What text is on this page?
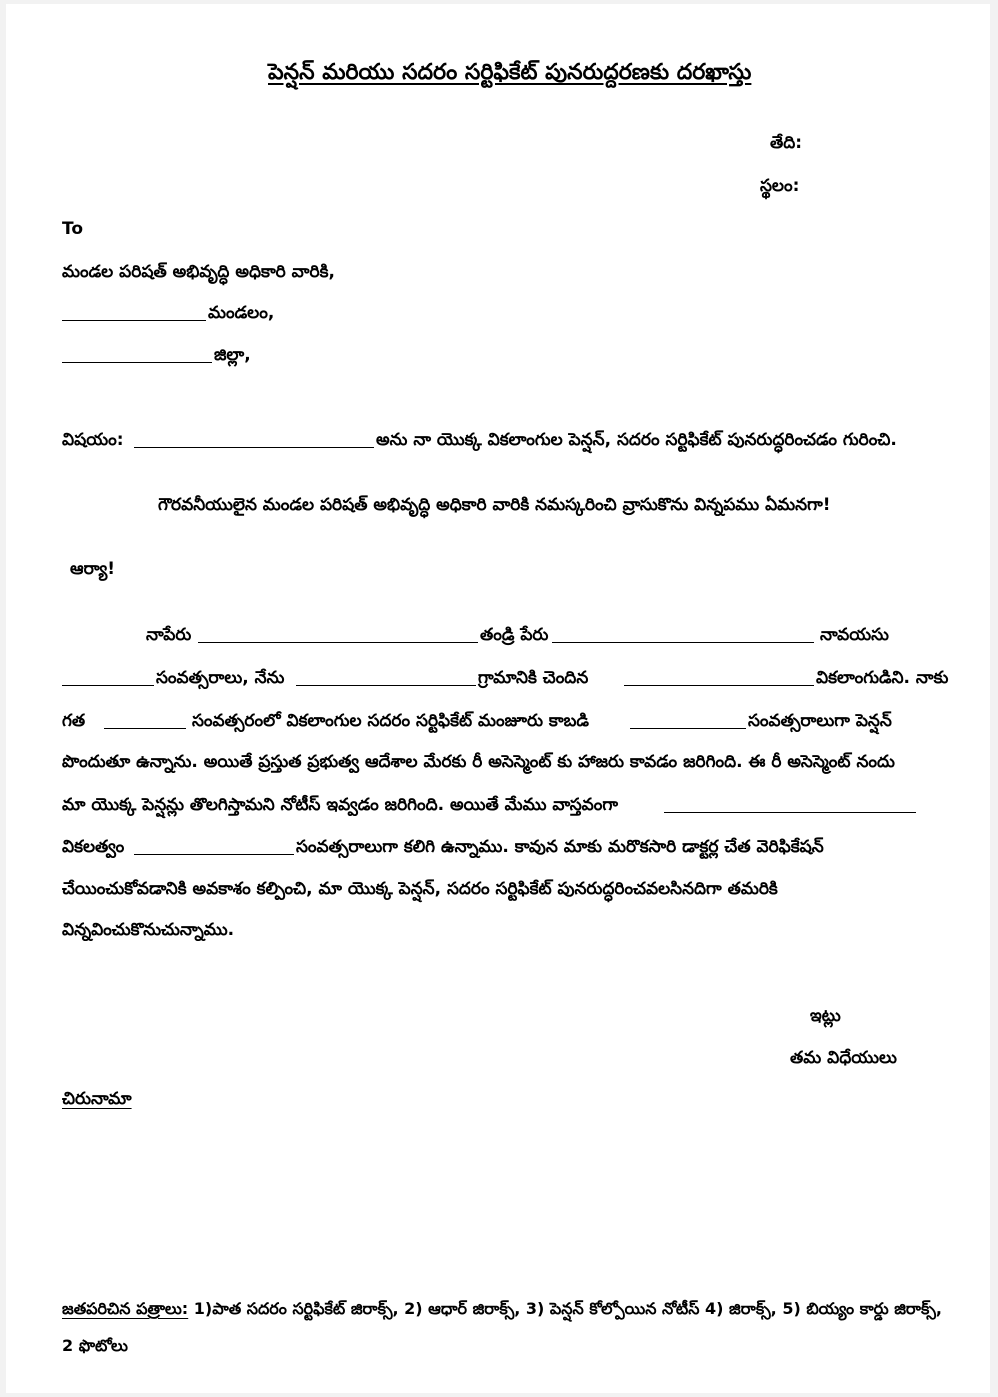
పెన్షన్ మరియు సదరం సర్టిఫికేట్ పునరుద్దరణకు దరఖాస్తు
తేది:
స్థలం:
To
మండల పరిషత్ అభివృద్ధి అధికారి వారికి,
మండలం,
జిల్లా,
విషయం:	అను నా యొక్క వికలాంగుల పెన్షన్, సదరం సర్టిఫికేట్ పునరుద్ధరించడం గురించి.
గౌరవనీయులైన మండల పరిషత్ అభివృద్ధి అధికారి వారికి నమస్కరించి వ్రాసుకొను విన్నపము ఏమనగా!
ఆర్యా!
నాపేరు	తండ్రి పేరు	నావయసు
సంవత్సరాలు, నేను	గ్రామానికి చెందిన	వికలాంగుడిని. నాకు
గత	సంవత్సరంలో వికలాంగుల సదరం సర్టిఫికేట్ మంజూరు కాబడి	సంవత్సరాలుగా పెన్షన్
పొందుతూ ఉన్నాను. అయితే ప్రస్తుత ప్రభుత్వ ఆదేశాల మేరకు రీ అసెస్మెంట్ కు హాజరు కావడం జరిగింది. ఈ రీ అసెస్మెంట్ నందు
మా యొక్క పెన్షన్లు తొలగిస్తామని నోటీస్ ఇవ్వడం జరిగింది. అయితే మేము వాస్తవంగా
వికలత్వం	సంవత్సరాలుగా కలిగి ఉన్నాము. కావున మాకు మరొకసారి డాక్టర్ల చేత వెరిఫికేషన్
చేయించుకోవడానికి అవకాశం కల్పించి, మా యొక్క పెన్షన్, సదరం సర్టిఫికేట్ పునరుద్ధరించవలసినదిగా తమరికి
విన్నవించుకొనుచున్నాము.
ఇట్లు
తమ విధేయులు
చిరునామా
జతపరిచిన పత్రాలు: 1)పాత సదరం సర్టిఫికేట్ జిరాక్స్, 2) ఆధార్ జిరాక్స్, 3) పెన్షన్ కోల్పోయిన నోటీస్ 4) జిరాక్స్, 5) బియ్యం కార్డు జిరాక్స్,
2 ఫొటోలు
